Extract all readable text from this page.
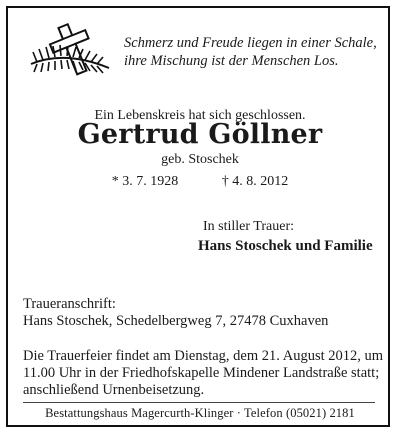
Schmerz und Freude liegen in einer Schale,

ihre Mischung ist der Menschen Los.

Ein Lebenskreis hat sich geschlossen.
Gertrud Göllner
geb. Stoschek
* 3. 7. 1928	† 4. 8. 2012
In stiller Trauer:
Hans Stoschek und Familie
Traueranschrift:
Hans Stoschek, Schedelbergweg 7, 27478 Cuxhaven

Die Trauerfeier findet am Dienstag, dem 21. August 2012, um

11.00 Uhr in der Friedhofskapelle Mindener Landstraße statt;

anschließend Urnenbeisetzung.

Bestattungshaus Magercurth-Klinger · Telefon (05021) 2181
